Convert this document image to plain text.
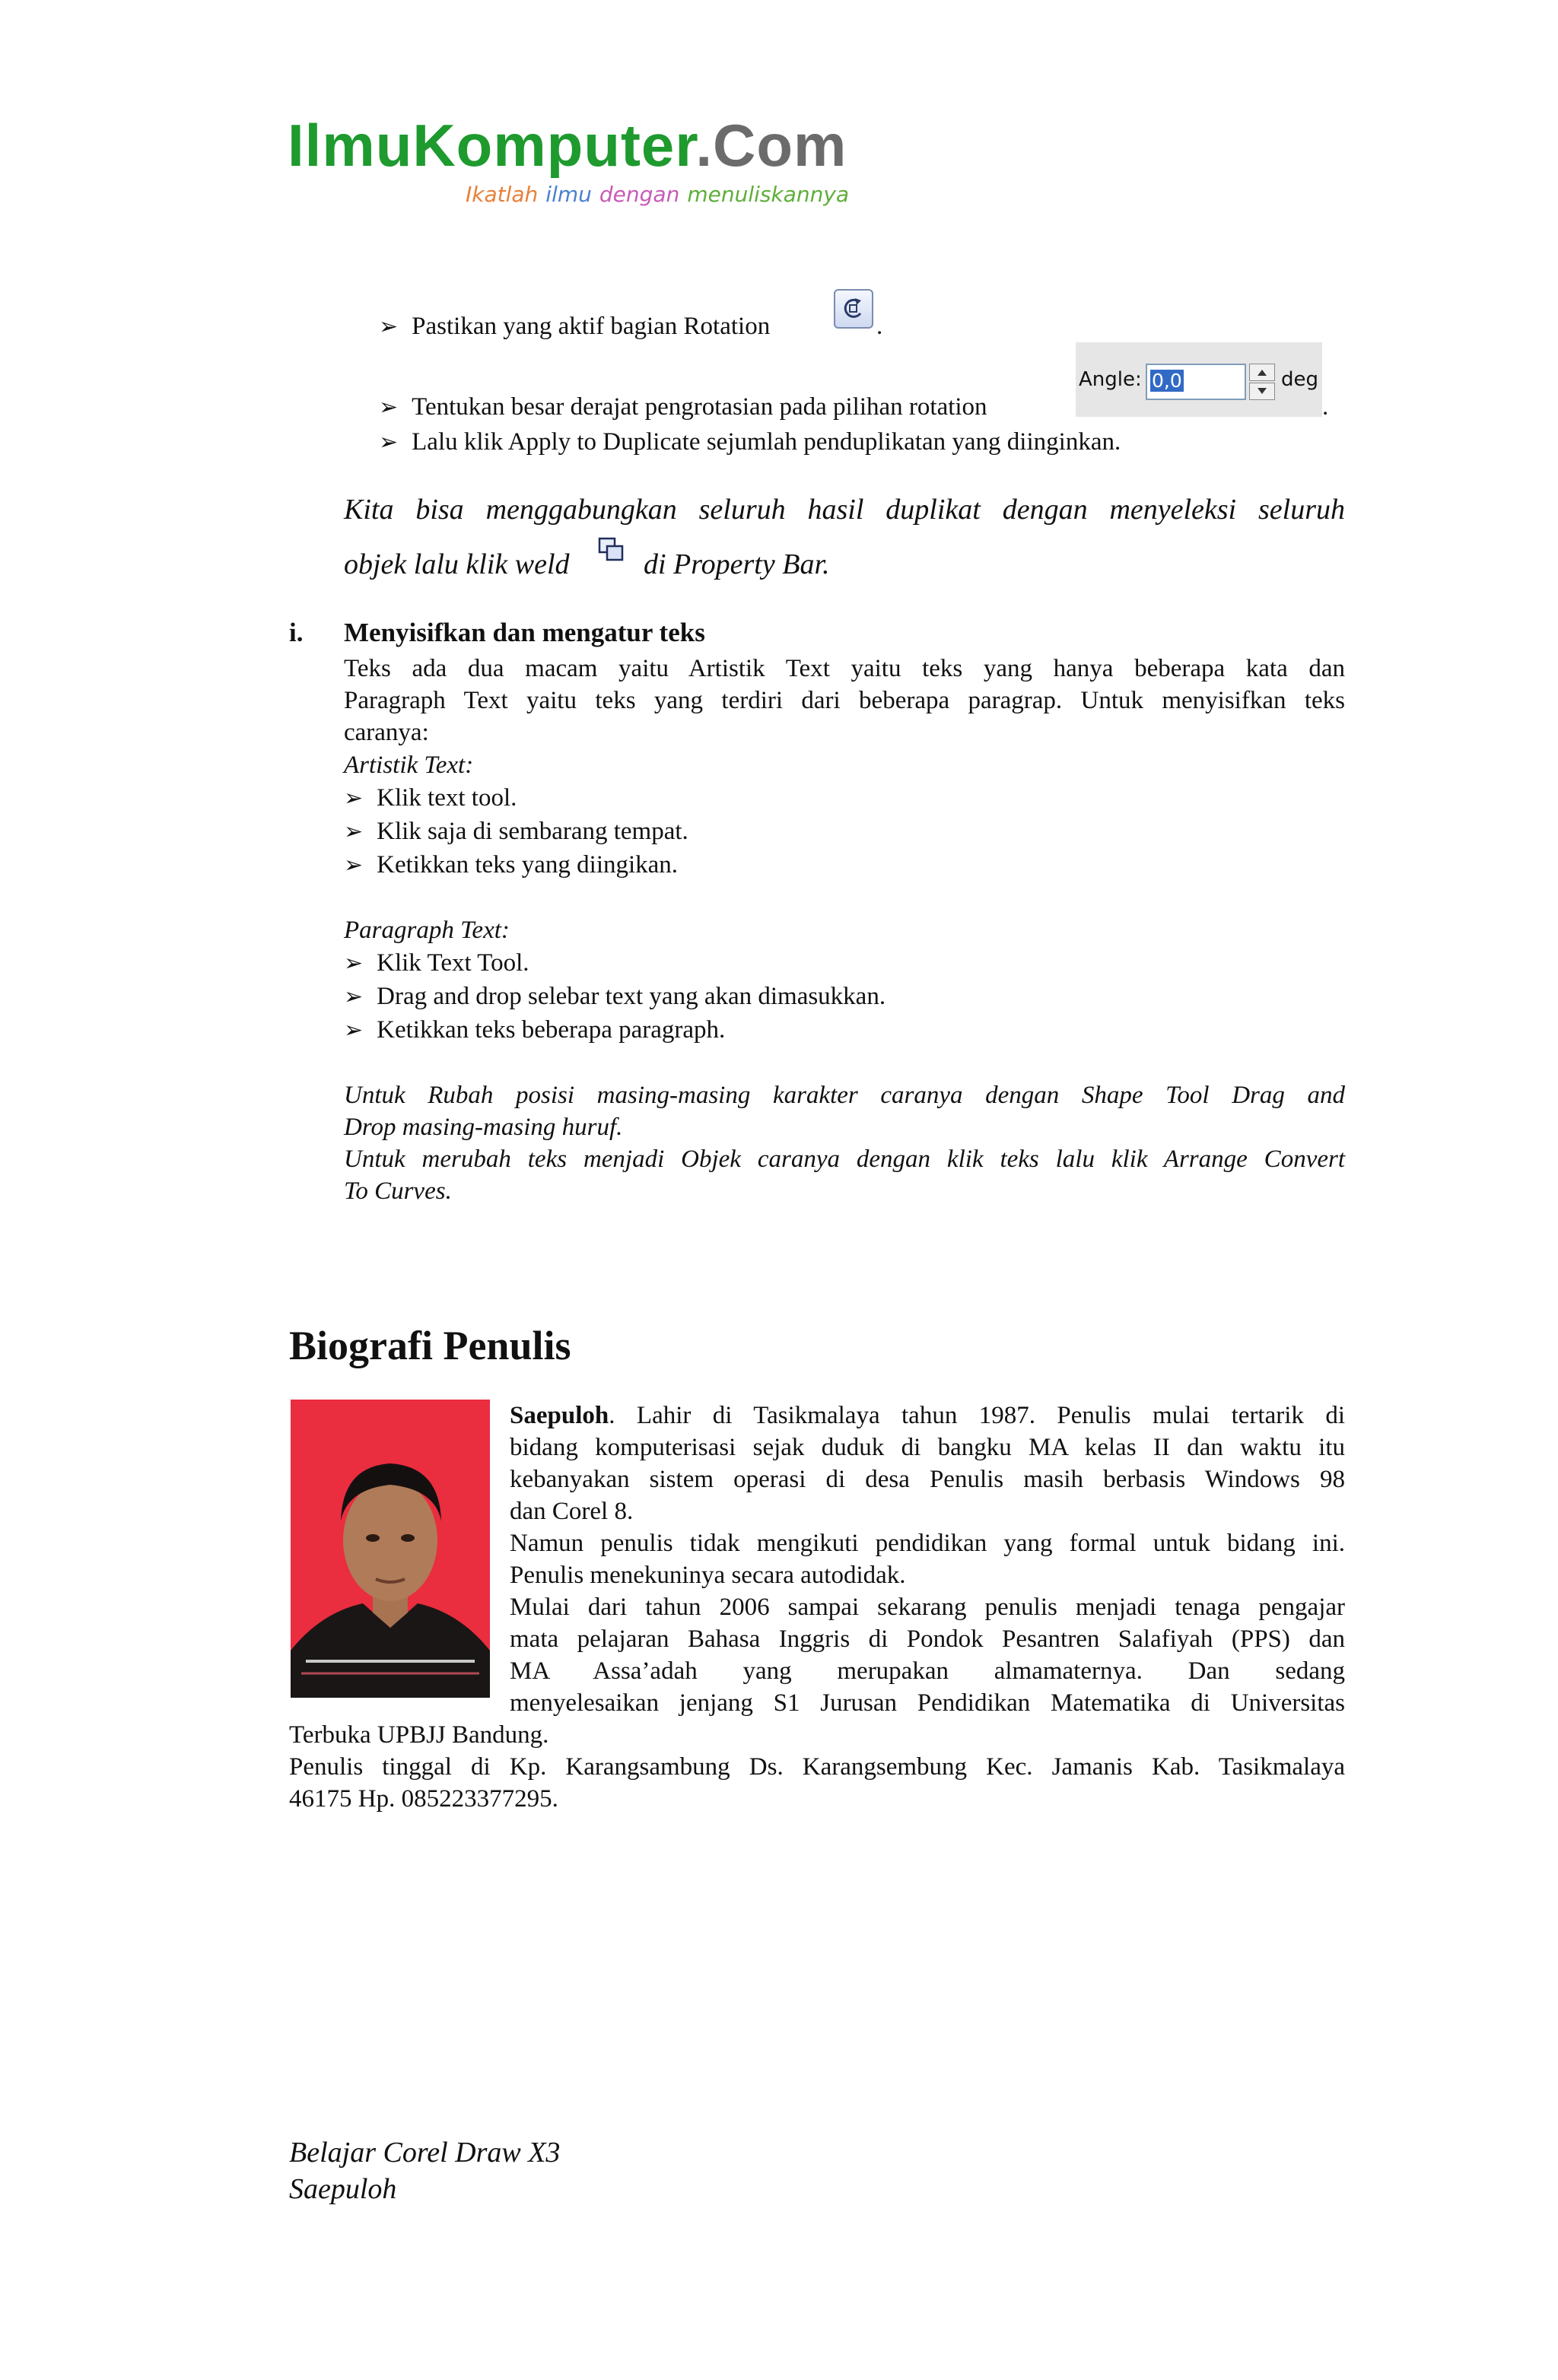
IlmuKomputer.Com
Ikatlah ilmu dengan menuliskannya
➢ Pastikan yang aktif bagian Rotation	.
➢ Tentukan besar derajat pengrotasian pada pilihan rotation
Angle: 0,0	deg
.
➢ Lalu klik Apply to Duplicate sejumlah penduplikatan yang diinginkan.
Kita bisa menggabungkan seluruh hasil duplikat dengan menyeleksi seluruh
objek lalu klik weld	di Property Bar.
i. Menyisifkan dan mengatur teks
Teks ada dua macam yaitu Artistik Text yaitu teks yang hanya beberapa kata dan
Paragraph Text yaitu teks yang terdiri dari beberapa paragrap. Untuk menyisifkan teks
caranya:
Artistik Text:
➢ Klik text tool.
➢ Klik saja di sembarang tempat.
➢ Ketikkan teks yang diingikan.
Paragraph Text:
➢ Klik Text Tool.
➢ Drag and drop selebar text yang akan dimasukkan.
➢ Ketikkan teks beberapa paragraph.
Untuk Rubah posisi masing-masing karakter caranya dengan Shape Tool Drag and
Drop masing-masing huruf.
Untuk merubah teks menjadi Objek caranya dengan klik teks lalu klik Arrange Convert
To Curves.
Biografi Penulis
Saepuloh. Lahir di Tasikmalaya tahun 1987. Penulis mulai tertarik di
bidang komputerisasi sejak duduk di bangku MA kelas II dan waktu itu
kebanyakan sistem operasi di desa Penulis masih berbasis Windows 98
dan Corel 8.
Namun penulis tidak mengikuti pendidikan yang formal untuk bidang ini.
Penulis menekuninya secara autodidak.
Mulai dari tahun 2006 sampai sekarang penulis menjadi tenaga pengajar
mata pelajaran Bahasa Inggris di Pondok Pesantren Salafiyah (PPS) dan
MA Assa’adah yang merupakan almamaternya. Dan sedang
menyelesaikan jenjang S1 Jurusan Pendidikan Matematika di Universitas
Terbuka UPBJJ Bandung.
Penulis tinggal di Kp. Karangsambung Ds. Karangsembung Kec. Jamanis Kab. Tasikmalaya
46175 Hp. 085223377295.
Belajar Corel Draw X3
Saepuloh
